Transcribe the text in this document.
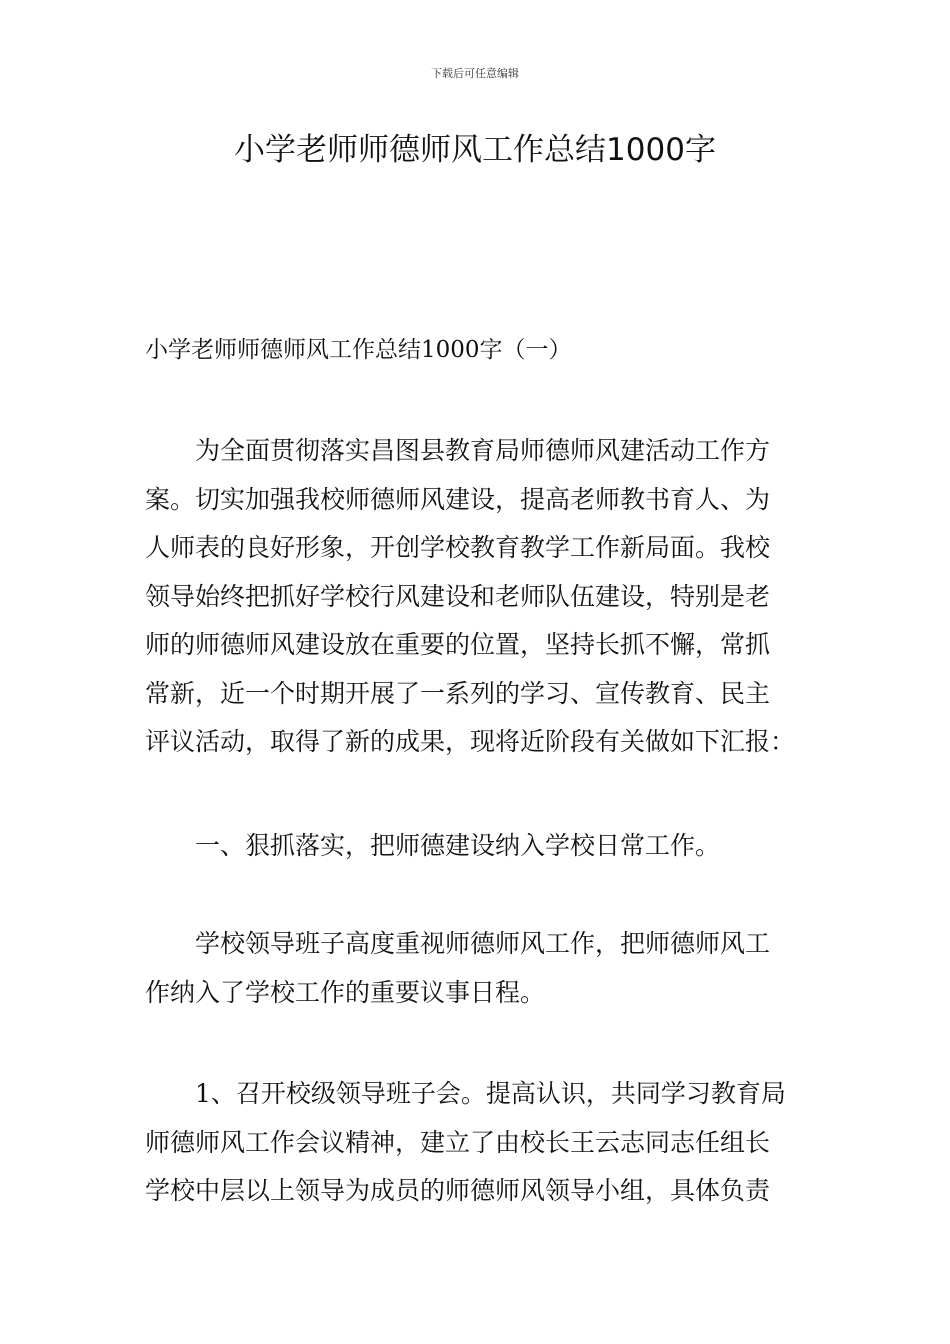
下载后可任意编辑
小学老师师德师风工作总结1000字
小学老师师德师风工作总结1000字（一）

为全面贯彻落实昌图县教育局师德师风建活动工作方
案。切实加强我校师德师风建设，提高老师教书育人、为
人师表的良好形象，开创学校教育教学工作新局面。我校
领导始终把抓好学校行风建设和老师队伍建设，特别是老
师的师德师风建设放在重要的位置，坚持长抓不懈，常抓
常新，近一个时期开展了一系列的学习、宣传教育、民主
评议活动，取得了新的成果，现将近阶段有关做如下汇报：

一、狠抓落实，把师德建设纳入学校日常工作。

学校领导班子高度重视师德师风工作，把师德师风工
作纳入了学校工作的重要议事日程。

1、召开校级领导班子会。提高认识，共同学习教育局
师德师风工作会议精神，建立了由校长王云志同志任组长
学校中层以上领导为成员的师德师风领导小组，具体负责
